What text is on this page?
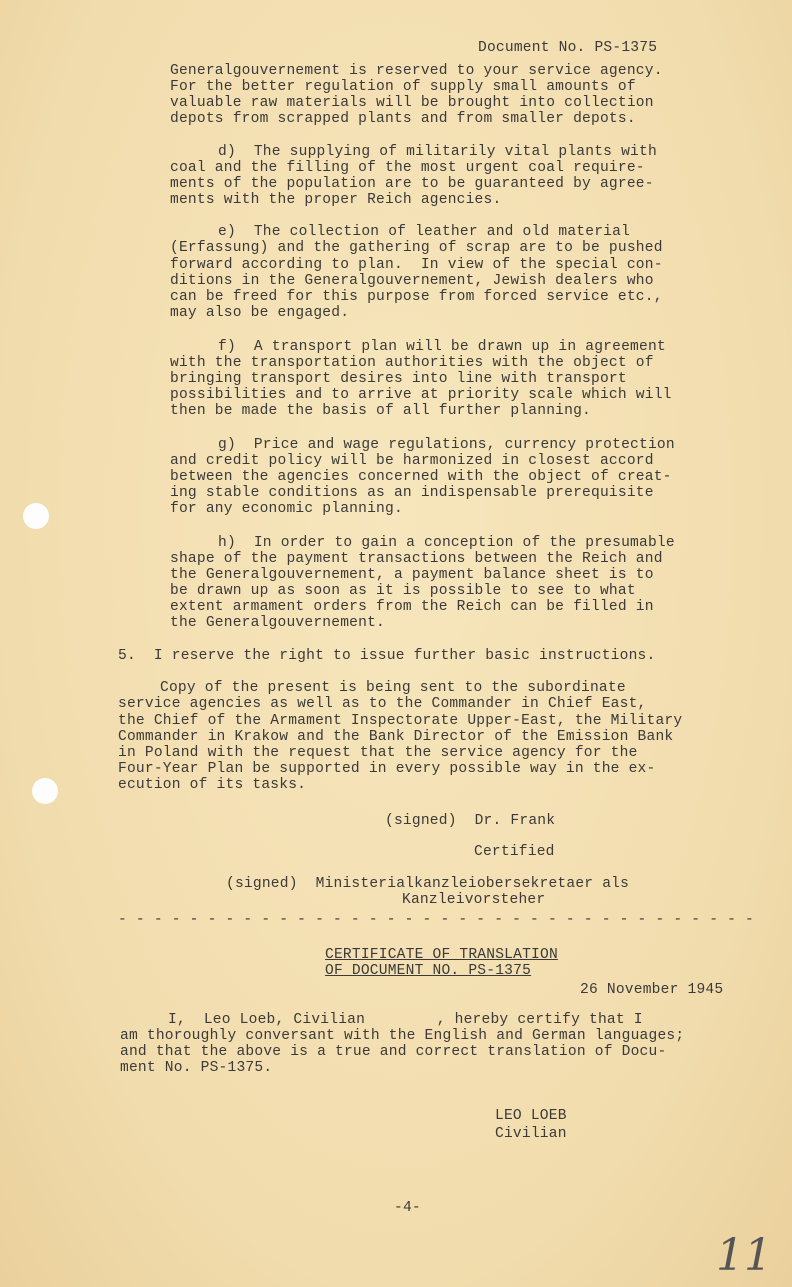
Document No. PS-1375
Generalgouvernement is reserved to your service agency.
For the better regulation of supply small amounts of
valuable raw materials will be brought into collection
depots from scrapped plants and from smaller depots.
d)  The supplying of militarily vital plants with
coal and the filling of the most urgent coal require-
ments of the population are to be guaranteed by agree-
ments with the proper Reich agencies.
e)  The collection of leather and old material
(Erfassung) and the gathering of scrap are to be pushed
forward according to plan.  In view of the special con-
ditions in the Generalgouvernement, Jewish dealers who
can be freed for this purpose from forced service etc.,
may also be engaged.
f)  A transport plan will be drawn up in agreement
with the transportation authorities with the object of
bringing transport desires into line with transport
possibilities and to arrive at priority scale which will
then be made the basis of all further planning.
g)  Price and wage regulations, currency protection
and credit policy will be harmonized in closest accord
between the agencies concerned with the object of creat-
ing stable conditions as an indispensable prerequisite
for any economic planning.
h)  In order to gain a conception of the presumable
shape of the payment transactions between the Reich and
the Generalgouvernement, a payment balance sheet is to
be drawn up as soon as it is possible to see to what
extent armament orders from the Reich can be filled in
the Generalgouvernement.
5.  I reserve the right to issue further basic instructions.
Copy of the present is being sent to the subordinate
service agencies as well as to the Commander in Chief East,
the Chief of the Armament Inspectorate Upper-East, the Military
Commander in Krakow and the Bank Director of the Emission Bank
in Poland with the request that the service agency for the
Four-Year Plan be supported in every possible way in the ex-
ecution of its tasks.
(signed)  Dr. Frank
Certified
(signed)  Ministerialkanzleiobersekretaer als
Kanzleivorsteher
- - - - - - - - - - - - - - - - - - - - - - - - - - - - - - - - - - - -
CERTIFICATE OF TRANSLATION
OF DOCUMENT NO. PS-1375
26 November 1945
I,  Leo Loeb, Civilian        , hereby certify that I
am thoroughly conversant with the English and German languages;
and that the above is a true and correct translation of Docu-
ment No. PS-1375.
LEO LOEB
Civilian
-4-
11
